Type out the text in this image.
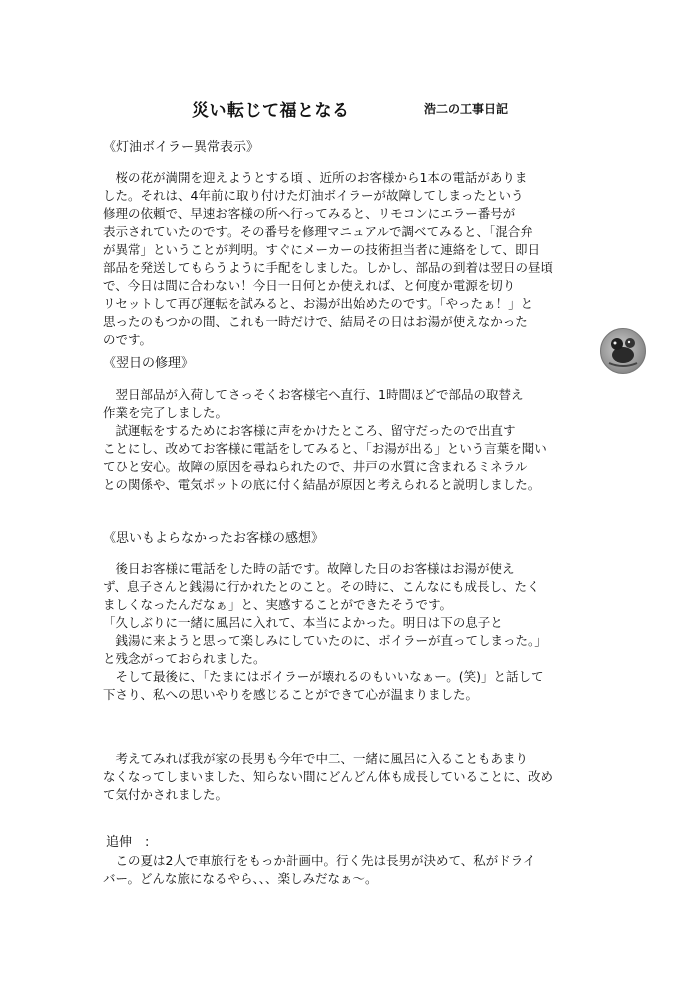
災い転じて福となる	浩二の工事日記
《灯油ボイラー異常表示》
　桜の花が満開を迎えようとする頃 、近所のお客様から1本の電話がありま
した。それは、4年前に取り付けた灯油ボイラーが故障してしまったという
修理の依頼で、早速お客様の所へ行ってみると、リモコンにエラー番号が
表示されていたのです。その番号を修理マニュアルで調べてみると、「混合弁
が異常」ということが判明。すぐにメーカーの技術担当者に連絡をして、即日
部品を発送してもらうように手配をしました。しかし、部品の到着は翌日の昼頃
で、今日は間に合わない！今日一日何とか使えれば、と何度か電源を切り
リセットして再び運転を試みると、お湯が出始めたのです。「やったぁ！」と
思ったのもつかの間、これも一時だけで、結局その日はお湯が使えなかった
のです。
《翌日の修理》
　翌日部品が入荷してさっそくお客様宅へ直行、1時間ほどで部品の取替え
作業を完了しました。
　試運転をするためにお客様に声をかけたところ、留守だったので出直す
ことにし、改めてお客様に電話をしてみると、「お湯が出る」という言葉を聞い
てひと安心。故障の原因を尋ねられたので、井戸の水質に含まれるミネラル
との関係や、電気ポットの底に付く結晶が原因と考えられると説明しました。
《思いもよらなかったお客様の感想》
　後日お客様に電話をした時の話です。故障した日のお客様はお湯が使え
ず、息子さんと銭湯に行かれたとのこと。その時に、こんなにも成長し、たく
ましくなったんだなぁ」と、実感することができたそうです。
「久しぶりに一緒に風呂に入れて、本当によかった。明日は下の息子と
　銭湯に来ようと思って楽しみにしていたのに、ボイラーが直ってしまった。」
と残念がっておられました。
　そして最後に、「たまにはボイラーが壊れるのもいいなぁー。(笑)」と話して
下さり、私への思いやりを感じることができて心が温まりました。
　考えてみれば我が家の長男も今年で中二、一緒に風呂に入ることもあまり
なくなってしまいました、知らない間にどんどん体も成長していることに、改め
て気付かされました。
追伸　:
　この夏は2人で車旅行をもっか計画中。行く先は長男が決めて、私がドライ
バー。どんな旅になるやら、、、楽しみだなぁ〜。
